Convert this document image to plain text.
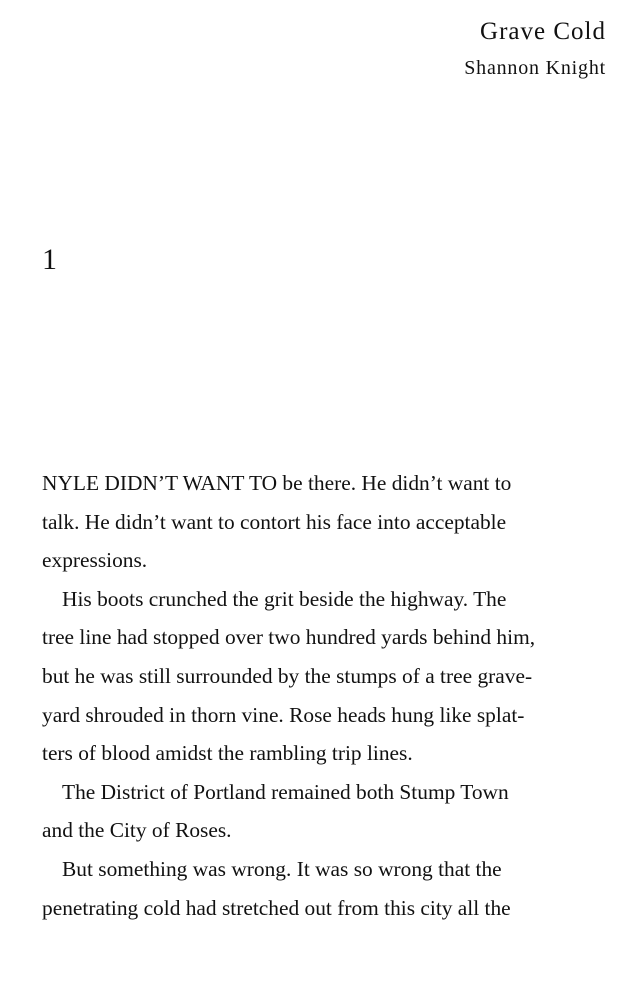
Grave Cold
Shannon Knight
1

NYLE DIDN’T WANT TO be there. He didn’t want to
talk. He didn’t want to contort his face into acceptable
expressions.

His boots crunched the grit beside the highway. The
tree line had stopped over two hundred yards behind him,
but he was still surrounded by the stumps of a tree grave-
yard shrouded in thorn vine. Rose heads hung like splat-
ters of blood amidst the rambling trip lines.

The District of Portland remained both Stump Town
and the City of Roses.

But something was wrong. It was so wrong that the
penetrating cold had stretched out from this city all the
